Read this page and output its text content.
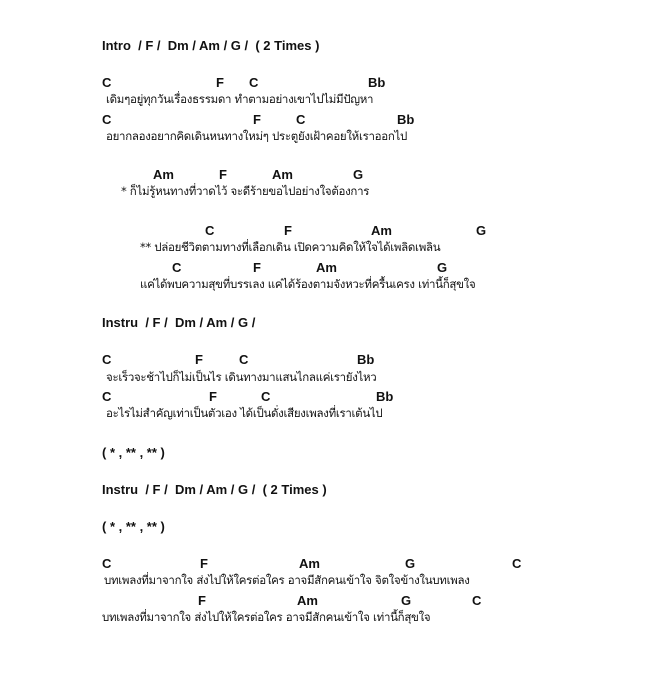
Intro  / F /  Dm / Am / G /  ( 2 Times )
C	F C	Bb
เดิมๆอยู่ทุกวันเรื่องธรรมดา ทำตามอย่างเขาไปไม่มีปัญหา
C	F	C	Bb
อยากลองอยากคิดเดินหนทางใหม่ๆ ประตูยังเฝ้าคอยให้เราออกไป
Am	F	Am	G
* ก็ไม่รู้หนทางที่วาดไว้ จะดีร้ายขอไปอย่างใจต้องการ
C	F	Am	G
** ปล่อยชีวิตตามทางที่เลือกเดิน เปิดความคิดให้ใจได้เพลิดเพลิน
C	F	Am	G
แค่ได้พบความสุขที่บรรเลง แค่ได้ร้องตามจังหวะที่ครื้นเครง เท่านี้ก็สุขใจ
Instru  / F /  Dm / Am / G /
C	F	C	Bb
จะเร็วจะช้าไปก็ไม่เป็นไร เดินทางมาแสนไกลแค่เรายังไหว
C	F	C	Bb
อะไรไม่สำคัญเท่าเป็นตัวเอง ได้เป็นดั่งเสียงเพลงที่เราเต้นไป
( * , ** , ** )
Instru  / F /  Dm / Am / G /  ( 2 Times )
( * , ** , ** )
C	F	Am	G	C
บทเพลงที่มาจากใจ ส่งไปให้ใครต่อใคร อาจมีสักคนเข้าใจ จิตใจข้างในบทเพลง
F	Am	G	C
บทเพลงที่มาจากใจ ส่งไปให้ใครต่อใคร อาจมีสักคนเข้าใจ เท่านี้ก็สุขใจ
